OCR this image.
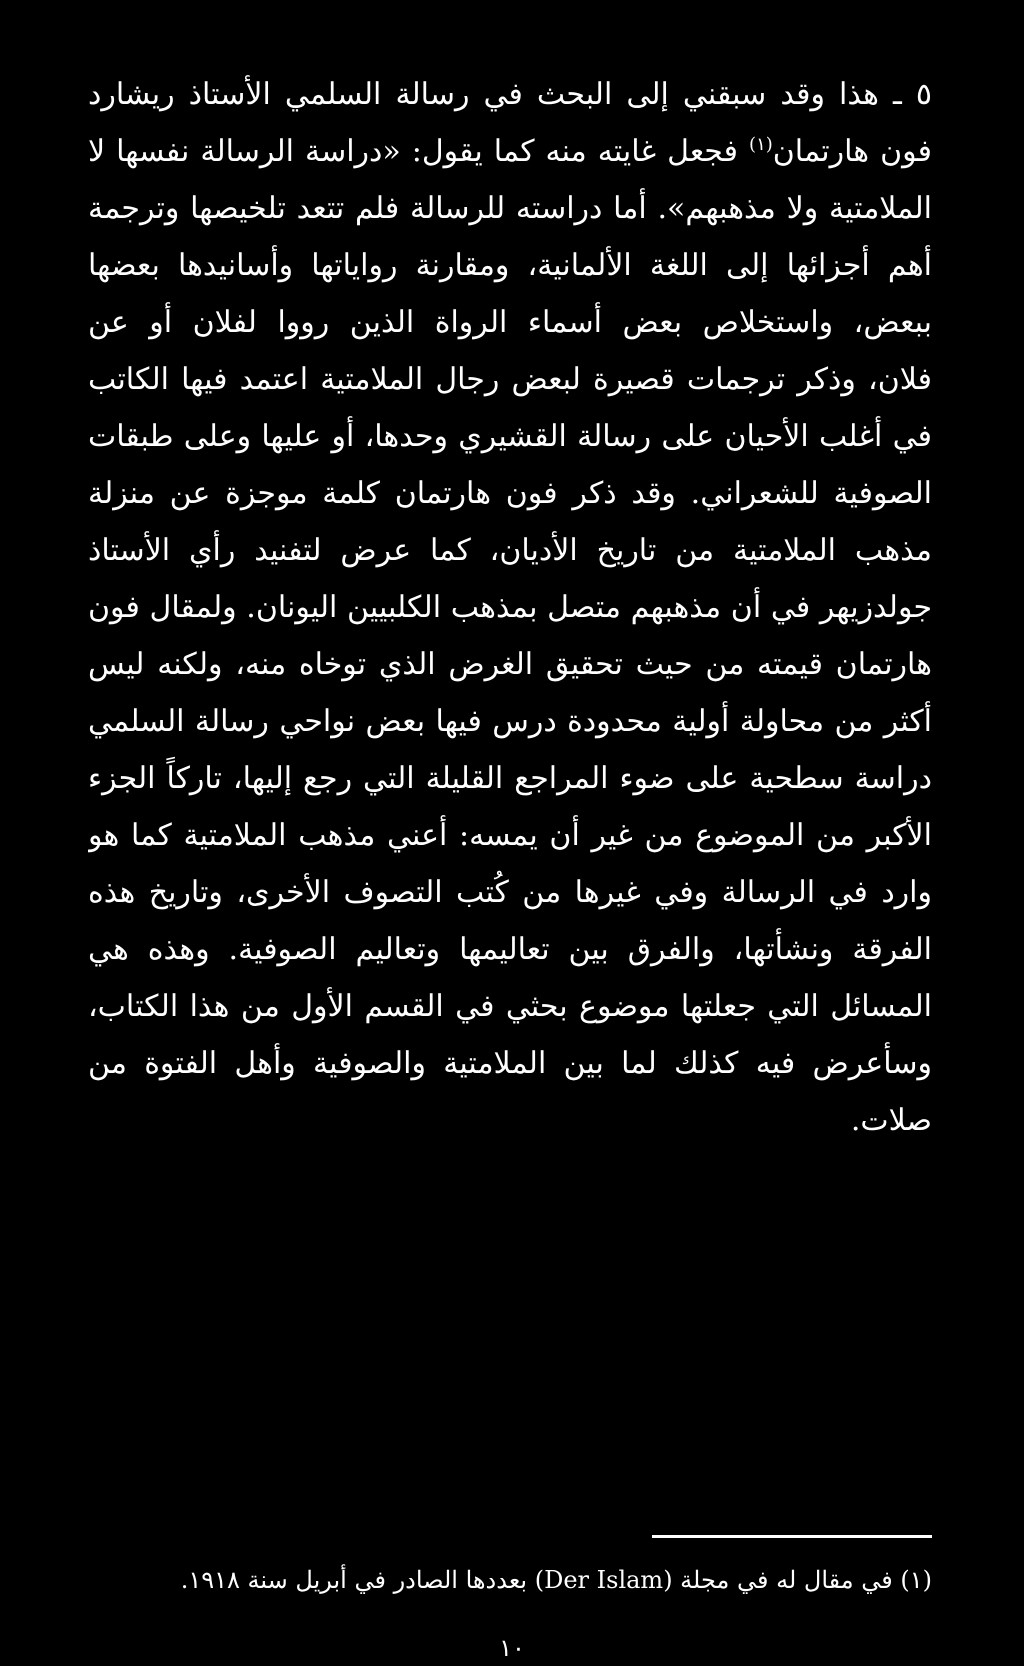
٥ ـ هذا وقد سبقني إلى البحث في رسالة السلمي الأستاذ ريشارد
فون هارتمان$^{(١)}$ فجعل غايته منه كما يقول: «دراسة الرسالة نفسها لا
الملامتية ولا مذهبهم». أما دراسته للرسالة فلم تتعد تلخيصها وترجمة
أهم أجزائها إلى اللغة الألمانية، ومقارنة رواياتها وأسانيدها بعضها
ببعض، واستخلاص بعض أسماء الرواة الذين رووا لفلان أو عن
فلان، وذكر ترجمات قصيرة لبعض رجال الملامتية اعتمد فيها الكاتب
في أغلب الأحيان على رسالة القشيري وحدها، أو عليها وعلى طبقات
الصوفية للشعراني. وقد ذكر فون هارتمان كلمة موجزة عن منزلة
مذهب الملامتية من تاريخ الأديان، كما عرض لتفنيد رأي الأستاذ
جولدزيهر في أن مذهبهم متصل بمذهب الكلبيين اليونان. ولمقال فون
هارتمان قيمته من حيث تحقيق الغرض الذي توخاه منه، ولكنه ليس
أكثر من محاولة أولية محدودة درس فيها بعض نواحي رسالة السلمي
دراسة سطحية على ضوء المراجع القليلة التي رجع إليها، تاركاً الجزء
الأكبر من الموضوع من غير أن يمسه: أعني مذهب الملامتية كما هو
وارد في الرسالة وفي غيرها من كُتب التصوف الأخرى، وتاريخ هذه
الفرقة ونشأتها، والفرق بين تعاليمها وتعاليم الصوفية. وهذه هي
المسائل التي جعلتها موضوع بحثي في القسم الأول من هذا الكتاب،
وسأعرض فيه كذلك لما بين الملامتية والصوفية وأهل الفتوة من
صلات.
(١) في مقال له في مجلة (Der Islam) بعددها الصادر في أبريل سنة ١٩١٨.
١٠
